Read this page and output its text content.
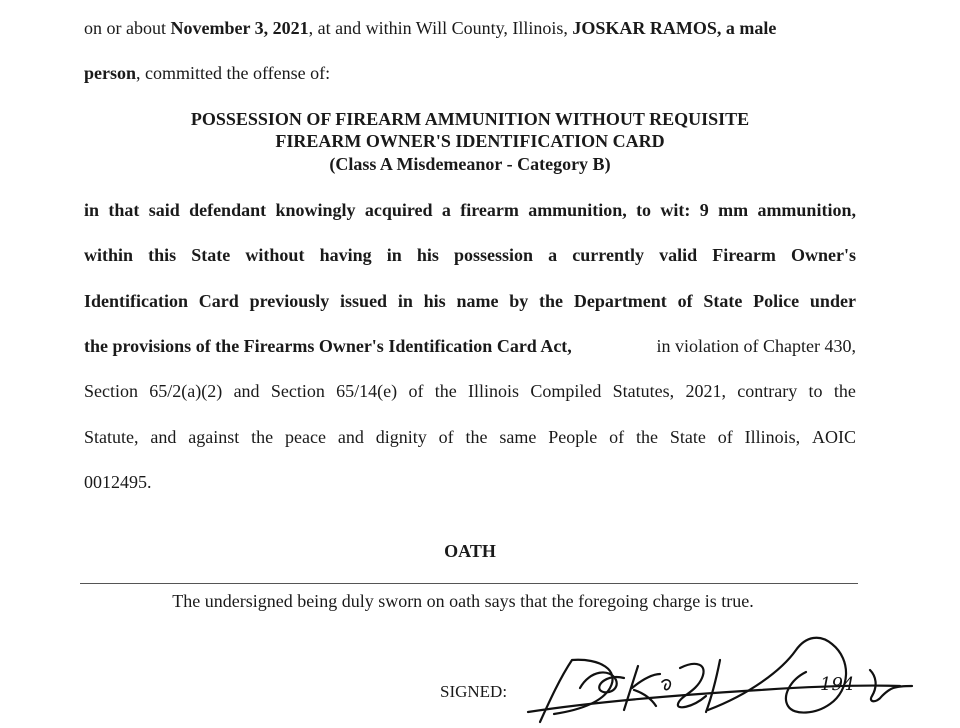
on or about November 3, 2021 , at and within Will County, Illinois, JOSKAR RAMOS, a male
person, committed the offense of:
POSSESSION OF FIREARM AMMUNITION WITHOUT REQUISITE
FIREARM OWNER'S IDENTIFICATION CARD
(Class A Misdemeanor - Category B)
in that said defendant knowingly acquired a firearm ammunition, to wit: 9 mm ammunition,
within this State without having in his possession a currently valid Firearm Owner's
Identification Card previously issued in his name by the Department of State Police under
the provisions of the Firearms Owner's Identification Card Act,	in violation of Chapter 430,
Section 65/2(a)(2) and Section 65/14(e) of the Illinois Compiled Statutes, 2021, contrary to the
Statute, and against the peace and dignity of the same People of the State of Illinois, AOIC
0012495.
OATH
The undersigned being duly sworn on oath says that the foregoing charge is true.
SIGNED:	194
